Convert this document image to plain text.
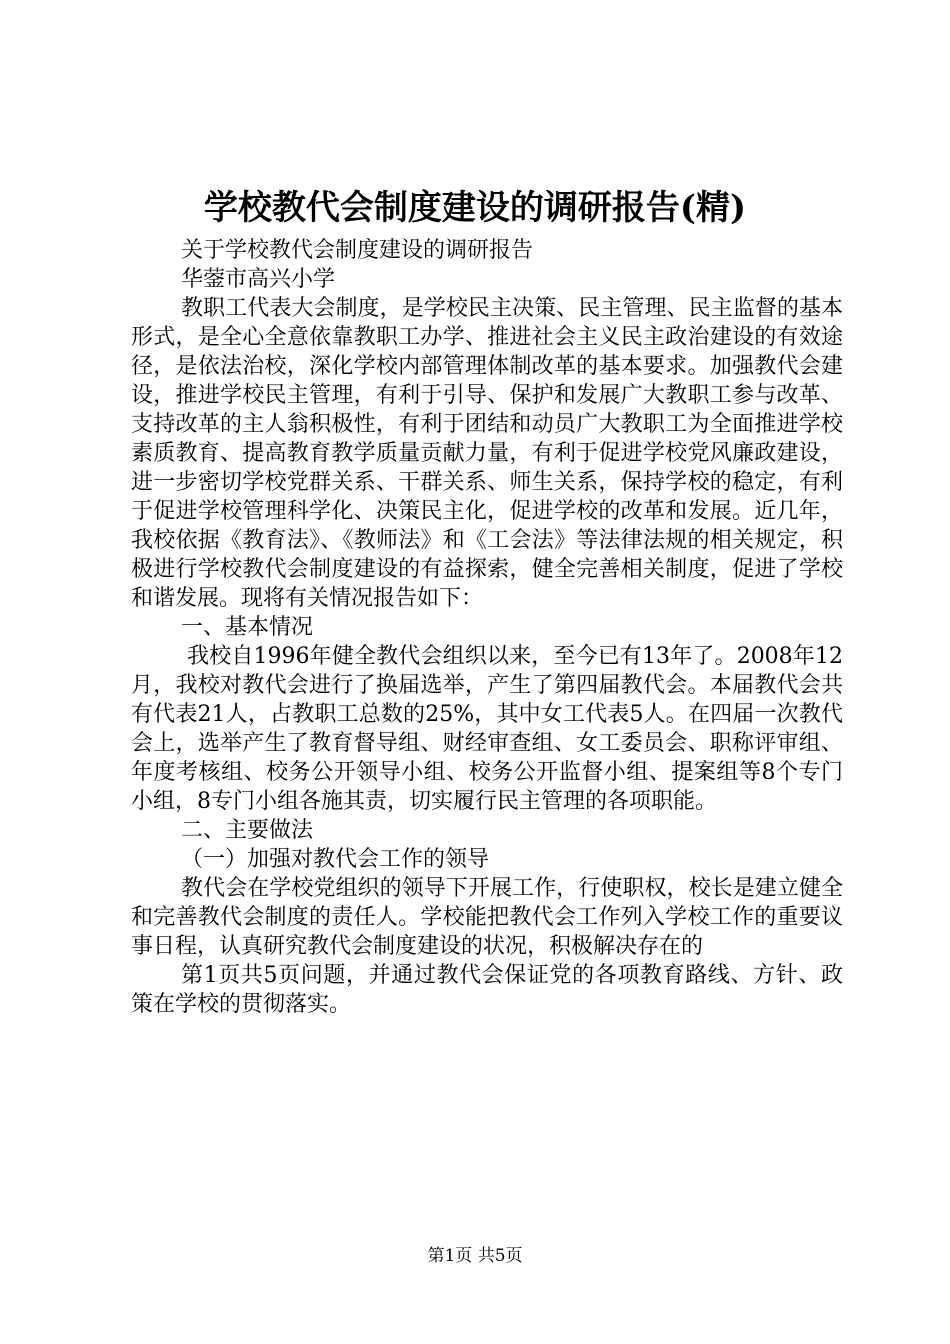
学校教代会制度建设的调研报告(精)

关于学校教代会制度建设的调研报告

华蓥市高兴小学

教职工代表大会制度，是学校民主决策、民主管理、民主监督的基本形式，是全心全意依靠教职工办学、推进社会主义民主政治建设的有效途径，是依法治校，深化学校内部管理体制改革的基本要求。加强教代会建设，推进学校民主管理，有利于引导、保护和发展广大教职工参与改革、支持改革的主人翁积极性，有利于团结和动员广大教职工为全面推进学校素质教育、提高教育教学质量贡献力量，有利于促进学校党风廉政建设，进一步密切学校党群关系、干群关系、师生关系，保持学校的稳定，有利于促进学校管理科学化、决策民主化，促进学校的改革和发展。近几年，我校依据《教育法》、《教师法》和《工会法》等法律法规的相关规定，积极进行学校教代会制度建设的有益探索，健全完善相关制度，促进了学校和谐发展。现将有关情况报告如下：

一、基本情况

我校自1996年健全教代会组织以来，至今已有13年了。2008年12月，我校对教代会进行了换届选举，产生了第四届教代会。本届教代会共有代表21人，占教职工总数的25%，其中女工代表5人。在四届一次教代会上，选举产生了教育督导组、财经审查组、女工委员会、职称评审组、年度考核组、校务公开领导小组、校务公开监督小组、提案组等8个专门小组，8专门小组各施其责，切实履行民主管理的各项职能。

二、主要做法

（一）加强对教代会工作的领导

教代会在学校党组织的领导下开展工作，行使职权，校长是建立健全和完善教代会制度的责任人。学校能把教代会工作列入学校工作的重要议事日程，认真研究教代会制度建设的状况，积极解决存在的

第1页共5页问题，并通过教代会保证党的各项教育路线、方针、政策在学校的贯彻落实。

第1页 共5页
